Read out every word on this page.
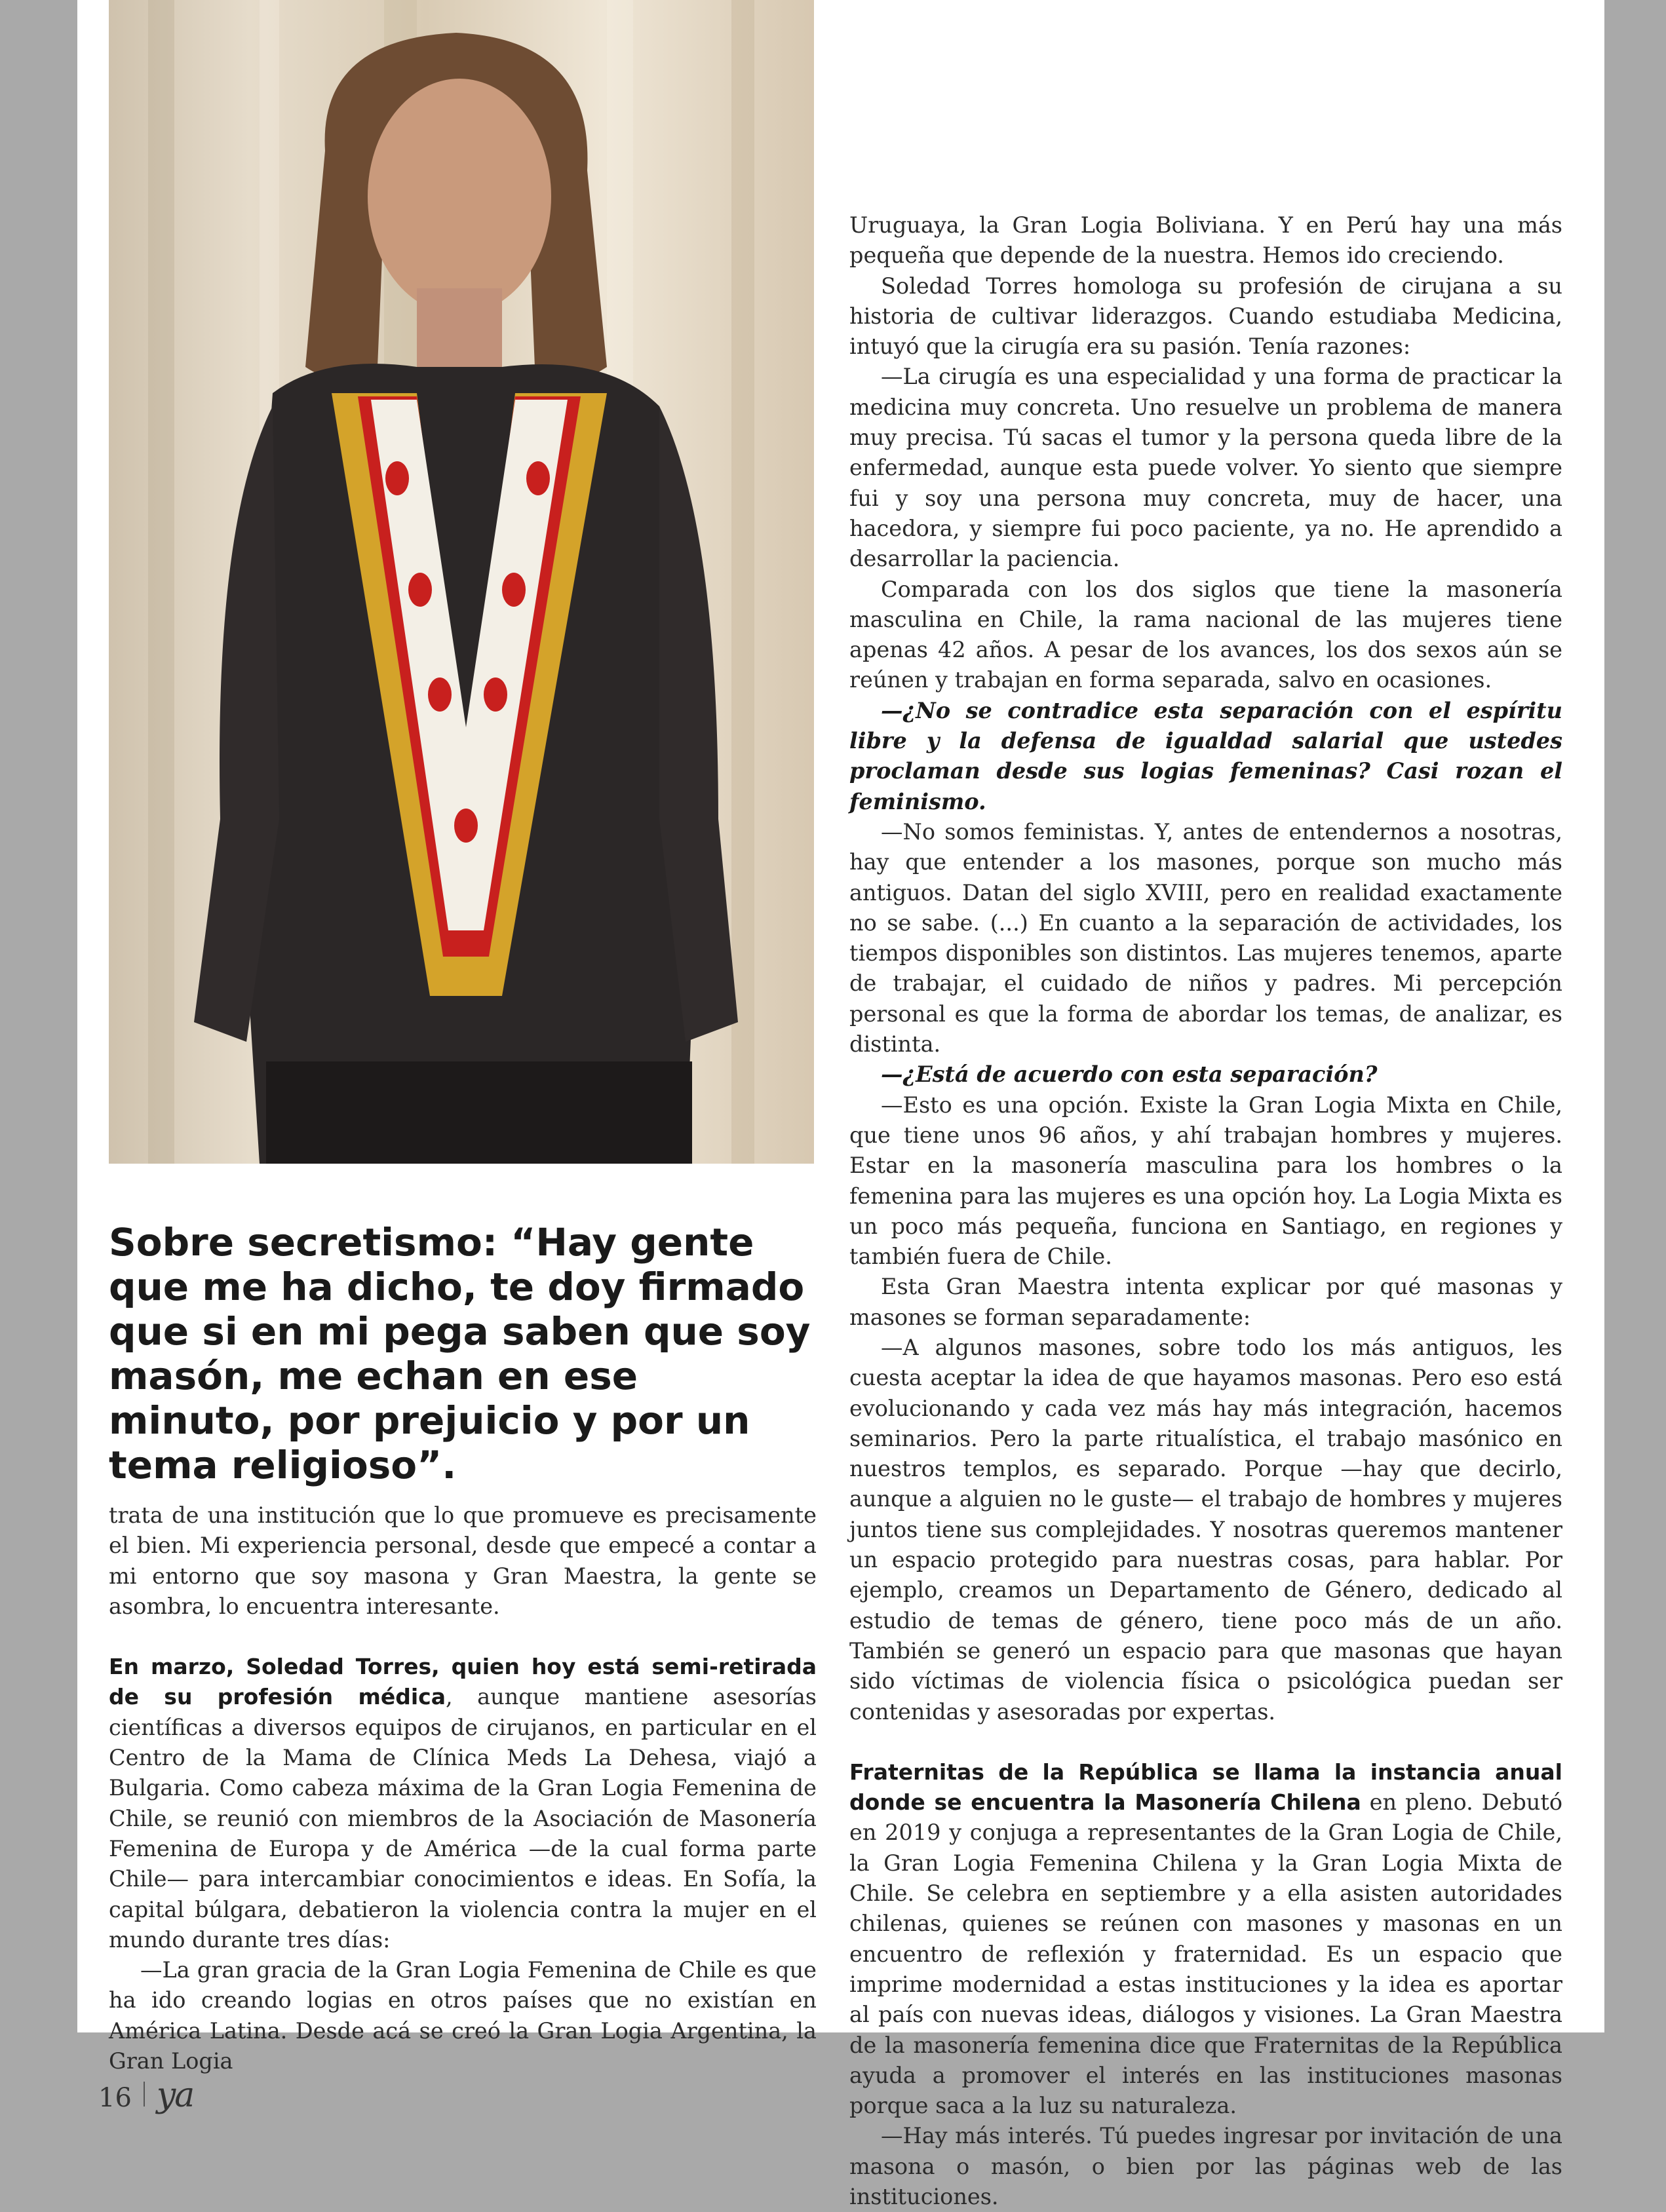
Sobre secretismo: “Hay gente que me ha dicho, te doy firmado que si en mi pega saben que soy masón, me echan en ese minuto, por prejuicio y por un tema religioso”.

trata de una institución que lo que promueve es precisamente el bien. Mi experiencia personal, desde que empecé a contar a mi entorno que soy masona y Gran Maestra, la gente se asombra, lo encuentra interesante.

En marzo, Soledad Torres, quien hoy está semi-retirada de su profesión médica, aunque mantiene asesorías científicas a diversos equipos de cirujanos, en particular en el Centro de la Mama de Clínica Meds La Dehesa, viajó a Bulgaria. Como cabeza máxima de la Gran Logia Femenina de Chile, se reunió con miembros de la Asociación de Masonería Femenina de Europa y de América —de la cual forma parte Chile— para intercambiar conocimientos e ideas. En Sofía, la capital búlgara, debatieron la violencia contra la mujer en el mundo durante tres días:

—La gran gracia de la Gran Logia Femenina de Chile es que ha ido creando logias en otros países que no existían en América Latina. Desde acá se creó la Gran Logia Argentina, la Gran Logia

Uruguaya, la Gran Logia Boliviana. Y en Perú hay una más pequeña que depende de la nuestra. Hemos ido creciendo.

Soledad Torres homologa su profesión de cirujana a su historia de cultivar liderazgos. Cuando estudiaba Medicina, intuyó que la cirugía era su pasión. Tenía razones:

—La cirugía es una especialidad y una forma de practicar la medicina muy concreta. Uno resuelve un problema de manera muy precisa. Tú sacas el tumor y la persona queda libre de la enfermedad, aunque esta puede volver. Yo siento que siempre fui y soy una persona muy concreta, muy de hacer, una hacedora, y siempre fui poco paciente, ya no. He aprendido a desarrollar la paciencia.

Comparada con los dos siglos que tiene la masonería masculina en Chile, la rama nacional de las mujeres tiene apenas 42 años. A pesar de los avances, los dos sexos aún se reúnen y trabajan en forma separada, salvo en ocasiones.

—¿No se contradice esta separación con el espíritu libre y la defensa de igualdad salarial que ustedes proclaman desde sus logias femeninas? Casi rozan el feminismo.

—No somos feministas. Y, antes de entendernos a nosotras, hay que entender a los masones, porque son mucho más antiguos. Datan del siglo XVIII, pero en realidad exactamente no se sabe. (...) En cuanto a la separación de actividades, los tiempos disponibles son distintos. Las mujeres tenemos, aparte de trabajar, el cuidado de niños y padres. Mi percepción personal es que la forma de abordar los temas, de analizar, es distinta.

—¿Está de acuerdo con esta separación?

—Esto es una opción. Existe la Gran Logia Mixta en Chile, que tiene unos 96 años, y ahí trabajan hombres y mujeres. Estar en la masonería masculina para los hombres o la femenina para las mujeres es una opción hoy. La Logia Mixta es un poco más pequeña, funciona en Santiago, en regiones y también fuera de Chile.

Esta Gran Maestra intenta explicar por qué masonas y masones se forman separadamente:

—A algunos masones, sobre todo los más antiguos, les cuesta aceptar la idea de que hayamos masonas. Pero eso está evolucionando y cada vez más hay más integración, hacemos seminarios. Pero la parte ritualística, el trabajo masónico en nuestros templos, es separado. Porque —hay que decirlo, aunque a alguien no le guste— el trabajo de hombres y mujeres juntos tiene sus complejidades. Y nosotras queremos mantener un espacio protegido para nuestras cosas, para hablar. Por ejemplo, creamos un Departamento de Género, dedicado al estudio de temas de género, tiene poco más de un año. También se generó un espacio para que masonas que hayan sido víctimas de violencia física o psicológica puedan ser contenidas y asesoradas por expertas.

Fraternitas de la República se llama la instancia anual donde se encuentra la Masonería Chilena en pleno. Debutó en 2019 y conjuga a representantes de la Gran Logia de Chile, la Gran Logia Femenina Chilena y la Gran Logia Mixta de Chile. Se celebra en septiembre y a ella asisten autoridades chilenas, quienes se reúnen con masones y masonas en un encuentro de reflexión y fraternidad. Es un espacio que imprime modernidad a estas instituciones y la idea es aportar al país con nuevas ideas, diálogos y visiones. La Gran Maestra de la masonería femenina dice que Fraternitas de la República ayuda a promover el interés en las instituciones masonas porque saca a la luz su naturaleza.

—Hay más interés. Tú puedes ingresar por invitación de una masona o masón, o bien por las páginas web de las instituciones.

16 ya
